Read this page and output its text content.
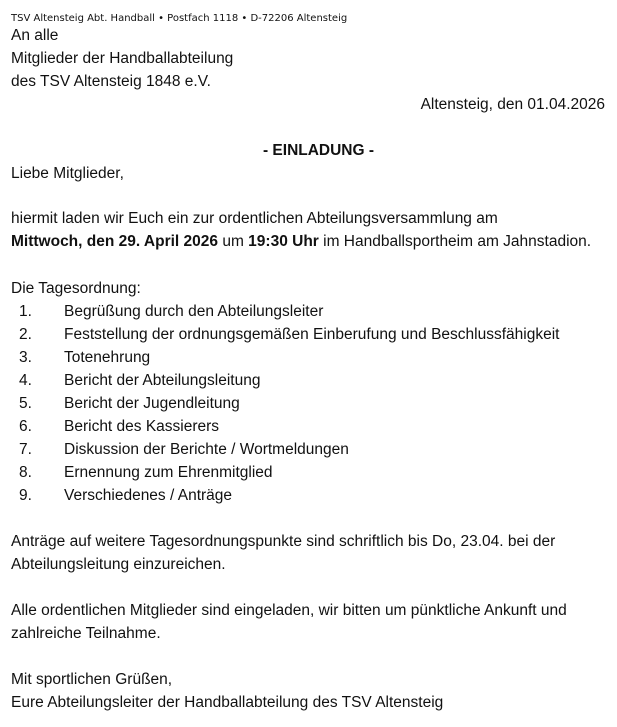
TSV Altensteig Abt. Handball • Postfach 1118 • D-72206 Altensteig
An alle
Mitglieder der Handballabteilung
des TSV Altensteig 1848 e.V.
Altensteig, den 01.04.2026
- EINLADUNG -
Liebe Mitglieder,
hiermit laden wir Euch ein zur ordentlichen Abteilungsversammlung am
Mittwoch, den 29. April 2026 um 19:30 Uhr im Handballsportheim am Jahnstadion.
Die Tagesordnung:
1. Begrüßung durch den Abteilungsleiter
2. Feststellung der ordnungsgemäßen Einberufung und Beschlussfähigkeit
3. Totenehrung
4. Bericht der Abteilungsleitung
5. Bericht der Jugendleitung
6. Bericht des Kassierers
7. Diskussion der Berichte / Wortmeldungen
8. Ernennung zum Ehrenmitglied
9. Verschiedenes / Anträge
Anträge auf weitere Tagesordnungspunkte sind schriftlich bis Do, 23.04. bei der
Abteilungsleitung einzureichen.
Alle ordentlichen Mitglieder sind eingeladen, wir bitten um pünktliche Ankunft und
zahlreiche Teilnahme.
Mit sportlichen Grüßen,
Eure Abteilungsleiter der Handballabteilung des TSV Altensteig
